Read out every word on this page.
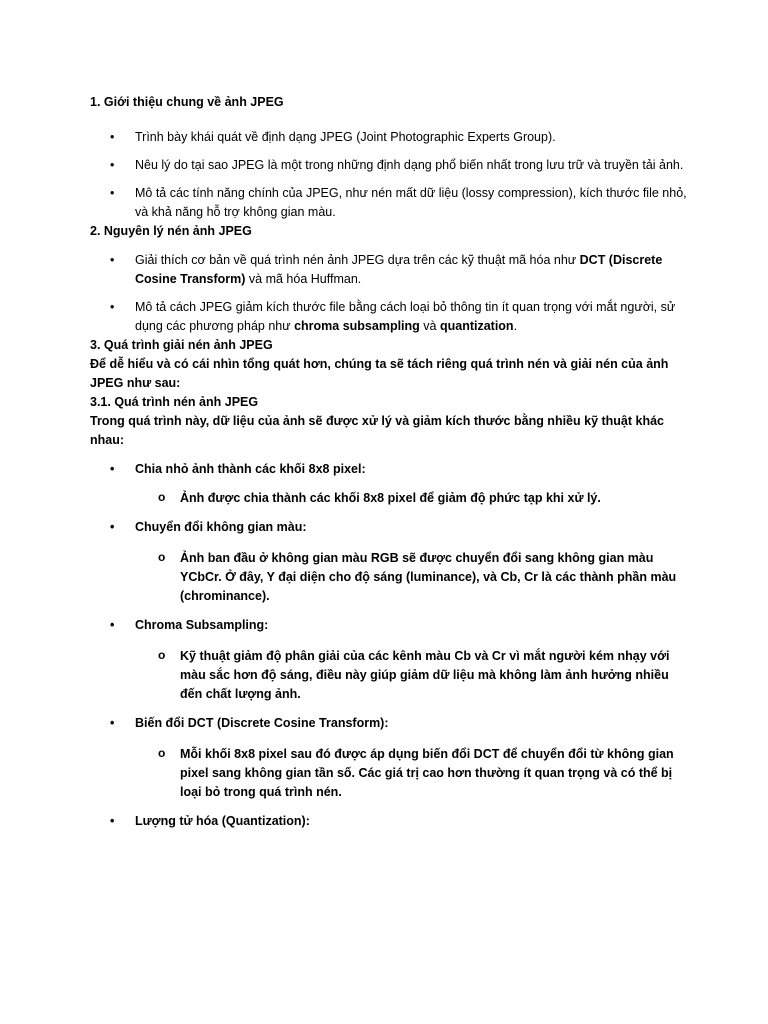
1. Giới thiệu chung về ảnh JPEG
• Trình bày khái quát về định dạng JPEG (Joint Photographic Experts Group).
• Nêu lý do tại sao JPEG là một trong những định dạng phổ biến nhất trong lưu trữ và truyền tải ảnh.
• Mô tả các tính năng chính của JPEG, như nén mất dữ liệu (lossy compression), kích thước file nhỏ, và khả năng hỗ trợ không gian màu.
2. Nguyên lý nén ảnh JPEG
• Giải thích cơ bản về quá trình nén ảnh JPEG dựa trên các kỹ thuật mã hóa như DCT (Discrete Cosine Transform) và mã hóa Huffman.
• Mô tả cách JPEG giảm kích thước file bằng cách loại bỏ thông tin ít quan trọng với mắt người, sử dụng các phương pháp như chroma subsampling và quantization.
3. Quá trình giải nén ảnh JPEG

Để dễ hiểu và có cái nhìn tổng quát hơn, chúng ta sẽ tách riêng quá trình nén và giải nén của ảnh JPEG như sau:

3.1. Quá trình nén ảnh JPEG

Trong quá trình này, dữ liệu của ảnh sẽ được xử lý và giảm kích thước bằng nhiều kỹ thuật khác nhau:

• Chia nhỏ ảnh thành các khối 8x8 pixel:
o Ảnh được chia thành các khối 8x8 pixel để giảm độ phức tạp khi xử lý.
• Chuyển đổi không gian màu:
o Ảnh ban đầu ở không gian màu RGB sẽ được chuyển đổi sang không gian màu YCbCr. Ở đây, Y đại diện cho độ sáng (luminance), và Cb, Cr là các thành phần màu (chrominance).
• Chroma Subsampling:
o Kỹ thuật giảm độ phân giải của các kênh màu Cb và Cr vì mắt người kém nhạy với màu sắc hơn độ sáng, điều này giúp giảm dữ liệu mà không làm ảnh hưởng nhiều đến chất lượng ảnh.
• Biến đổi DCT (Discrete Cosine Transform):
o Mỗi khối 8x8 pixel sau đó được áp dụng biến đổi DCT để chuyển đổi từ không gian pixel sang không gian tần số. Các giá trị cao hơn thường ít quan trọng và có thể bị loại bỏ trong quá trình nén.
• Lượng tử hóa (Quantization):
